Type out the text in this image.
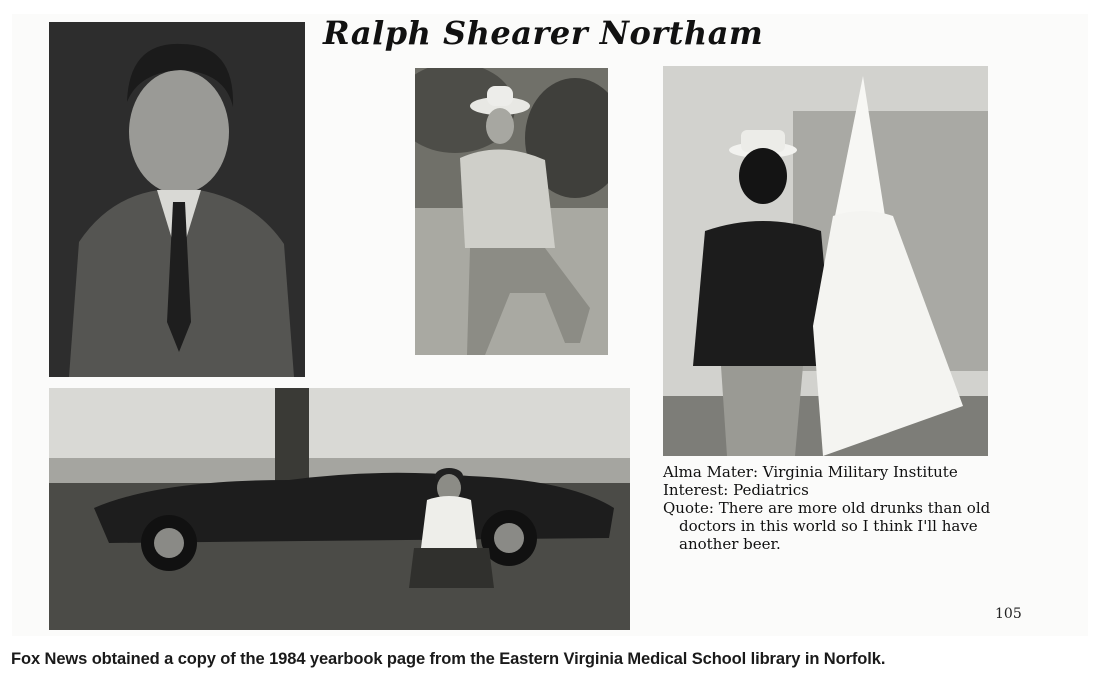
Ralph Shearer Northam

Alma Mater: Virginia Military Institute

Interest: Pediatrics

Quote: There are more old drunks than old

doctors in this world so I think I'll have

another beer.

105

Fox News obtained a copy of the 1984 yearbook page from the Eastern Virginia Medical School library in Norfolk.
